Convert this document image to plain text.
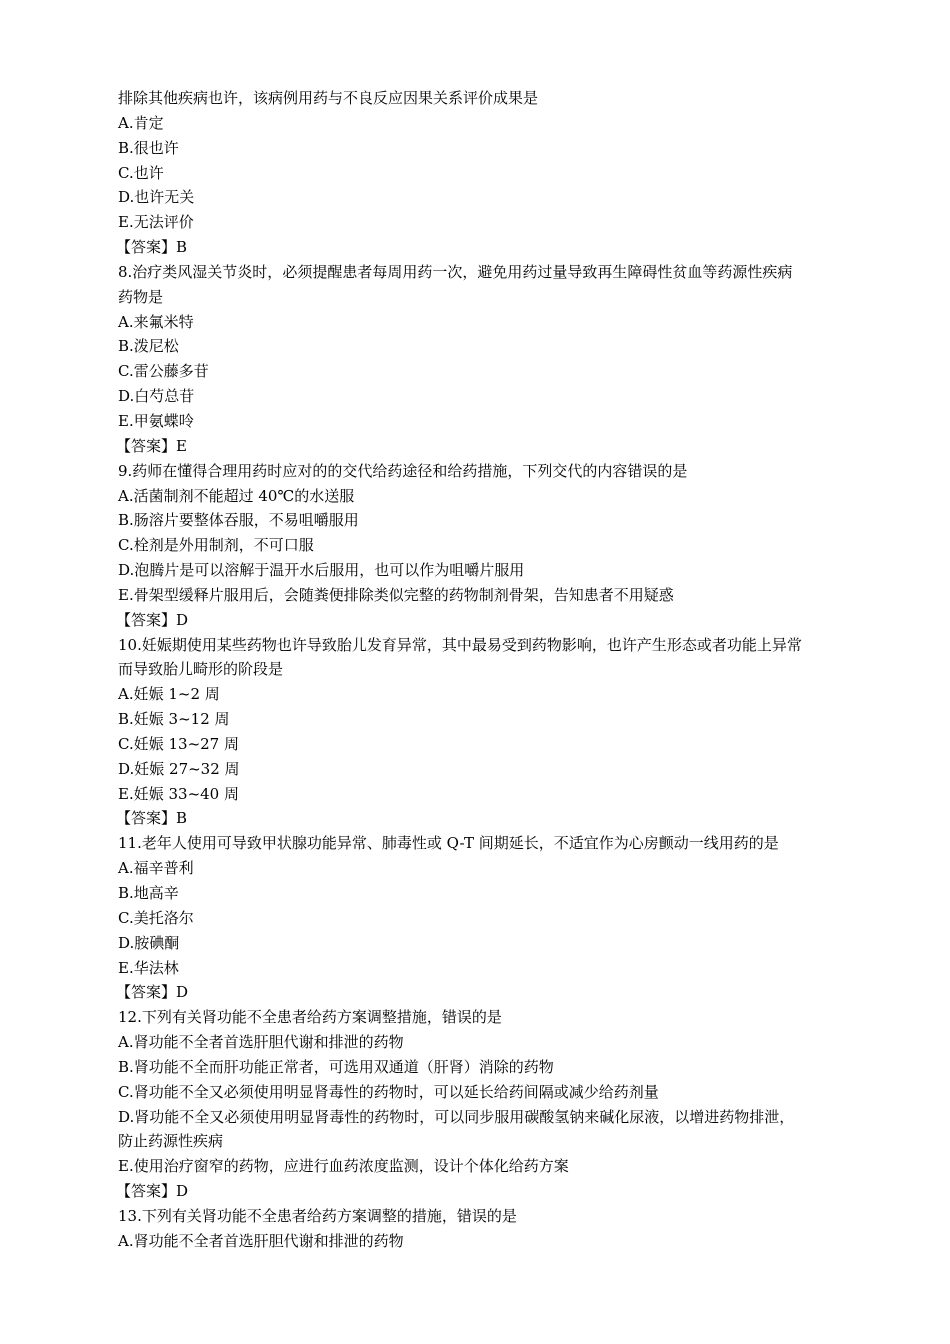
排除其他疾病也许，该病例用药与不良反应因果关系评价成果是
A.肯定
B.很也许
C.也许
D.也许无关
E.无法评价
【答案】B
8.治疗类风湿关节炎时，必须提醒患者每周用药一次，避免用药过量导致再生障碍性贫血等药源性疾病
药物是
A.来氟米特
B.泼尼松
C.雷公藤多苷
D.白芍总苷
E.甲氨蝶呤
【答案】E
9.药师在懂得合理用药时应对的的交代给药途径和给药措施，下列交代的内容错误的是
A.活菌制剂不能超过 40℃的水送服
B.肠溶片要整体吞服，不易咀嚼服用
C.栓剂是外用制剂，不可口服
D.泡腾片是可以溶解于温开水后服用，也可以作为咀嚼片服用
E.骨架型缓释片服用后，会随粪便排除类似完整的药物制剂骨架，告知患者不用疑惑
【答案】D
10.妊娠期使用某些药物也许导致胎儿发育异常，其中最易受到药物影响，也许产生形态或者功能上异常
而导致胎儿畸形的阶段是
A.妊娠 1~2 周
B.妊娠 3~12 周
C.妊娠 13~27 周
D.妊娠 27~32 周
E.妊娠 33~40 周
【答案】B
11.老年人使用可导致甲状腺功能异常、肺毒性或 Q-T 间期延长，不适宜作为心房颤动一线用药的是
A.福辛普利
B.地高辛
C.美托洛尔
D.胺碘酮
E.华法林
【答案】D
12.下列有关肾功能不全患者给药方案调整措施，错误的是
A.肾功能不全者首选肝胆代谢和排泄的药物
B.肾功能不全而肝功能正常者，可选用双通道（肝肾）消除的药物
C.肾功能不全又必须使用明显肾毒性的药物时，可以延长给药间隔或减少给药剂量
D.肾功能不全又必须使用明显肾毒性的药物时，可以同步服用碳酸氢钠来碱化尿液，以增进药物排泄，
防止药源性疾病
E.使用治疗窗窄的药物，应进行血药浓度监测，设计个体化给药方案
【答案】D
13.下列有关肾功能不全患者给药方案调整的措施，错误的是
A.肾功能不全者首选肝胆代谢和排泄的药物
